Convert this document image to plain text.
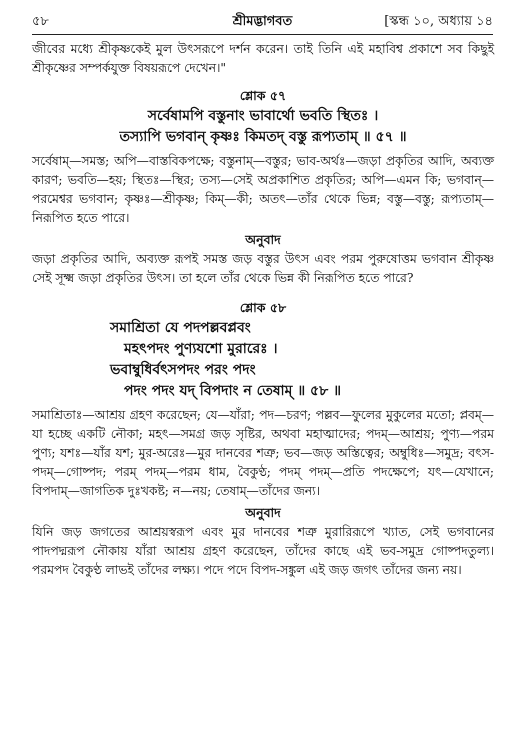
৫৮	শ্রীমদ্ভাগবত	[স্কন্ধ ১০, অধ্যায় ১৪

জীবের মধ্যে শ্রীকৃষ্ণকেই মুল উৎসরূপে দর্শন করেন। তাই তিনি এই মহাবিশ্ব প্রকাশে সব কিছুই শ্রীকৃষ্ণের সম্পর্কযুক্ত বিষয়রূপে দেখেন।"

শ্লোক ৫৭
সর্বেষামপি বস্তুনাং ভাবার্থো ভবতি স্থিতঃ ।
তস্যাপি ভগবান্ কৃষ্ণঃ কিমতদ্ বস্তু রূপ্যতাম্ ॥ ৫৭ ॥

সর্বেষাম্—সমস্ত; অপি—বাস্তবিকপক্ষে; বস্তুনাম্—বস্তুর; ভাব-অর্থঃ—জড়া প্রকৃতির আদি, অব্যক্ত কারণ; ভবতি—হয়; স্থিতঃ—স্থির; তস্য—সেই অপ্রকাশিত প্রকৃতির; অপি—এমন কি; ভগবান্—পরমেশ্বর ভগবান; কৃষ্ণঃ—শ্রীকৃষ্ণ; কিম্—কী; অতৎ—তাঁর থেকে ভিন্ন; বস্তু—বস্তু; রূপ্যতাম্—নিরূপিত হতে পারে।

অনুবাদ

জড়া প্রকৃতির আদি, অব্যক্ত রূপই সমস্ত জড় বস্তুর উৎস এবং পরম পুরুষোত্তম ভগবান শ্রীকৃষ্ণ সেই সূক্ষ্ম জড়া প্রকৃতির উৎস। তা হলে তাঁর থেকে ভিন্ন কী নিরূপিত হতে পারে?

শ্লোক ৫৮
সমাশ্রিতা যে পদপল্লবপ্লবং
মহৎপদং পুণ্যযশো মুরারেঃ ।
ভবাম্বুধির্বৎসপদং পরং পদং
পদং পদং যদ্ বিপদাং ন তেষাম্ ॥ ৫৮ ॥

সমাশ্রিতাঃ—আশ্রয় গ্রহণ করেছেন; যে—যাঁরা; পদ—চরণ; পল্লব—ফুলের মুকুলের মতো; প্লবম্—যা হচ্ছে একটি নৌকা; মহৎ—সমগ্র জড় সৃষ্টির, অথবা মহাত্মাদের; পদম্—আশ্রয়; পুণ্য—পরম পুণ্য; যশঃ—যাঁর যশ; মুর-অরেঃ—মুর দানবের শত্রু; ভব—জড় অস্তিত্বের; অম্বুধিঃ—সমুদ্র; বৎস-পদম্—গোষ্পদ; পরম্ পদম্—পরম ধাম, বৈকুণ্ঠ; পদম্ পদম্—প্রতি পদক্ষেপে; যৎ—যেখানে; বিপদাম্—জাগতিক দুঃখকষ্ট; ন—নয়; তেষাম্—তাঁদের জন্য।

অনুবাদ

যিনি জড় জগতের আশ্রয়স্বরূপ এবং মুর দানবের শত্রু মুরারিরূপে খ্যাত, সেই ভগবানের পাদপদ্মরূপ নৌকায় যাঁরা আশ্রয় গ্রহণ করেছেন, তাঁদের কাছে এই ভব-সমুদ্র গোষ্পদতুল্য। পরমপদ বৈকুণ্ঠ লাভই তাঁদের লক্ষ্য। পদে পদে বিপদ-সঙ্কুল এই জড় জগৎ তাঁদের জন্য নয়।
